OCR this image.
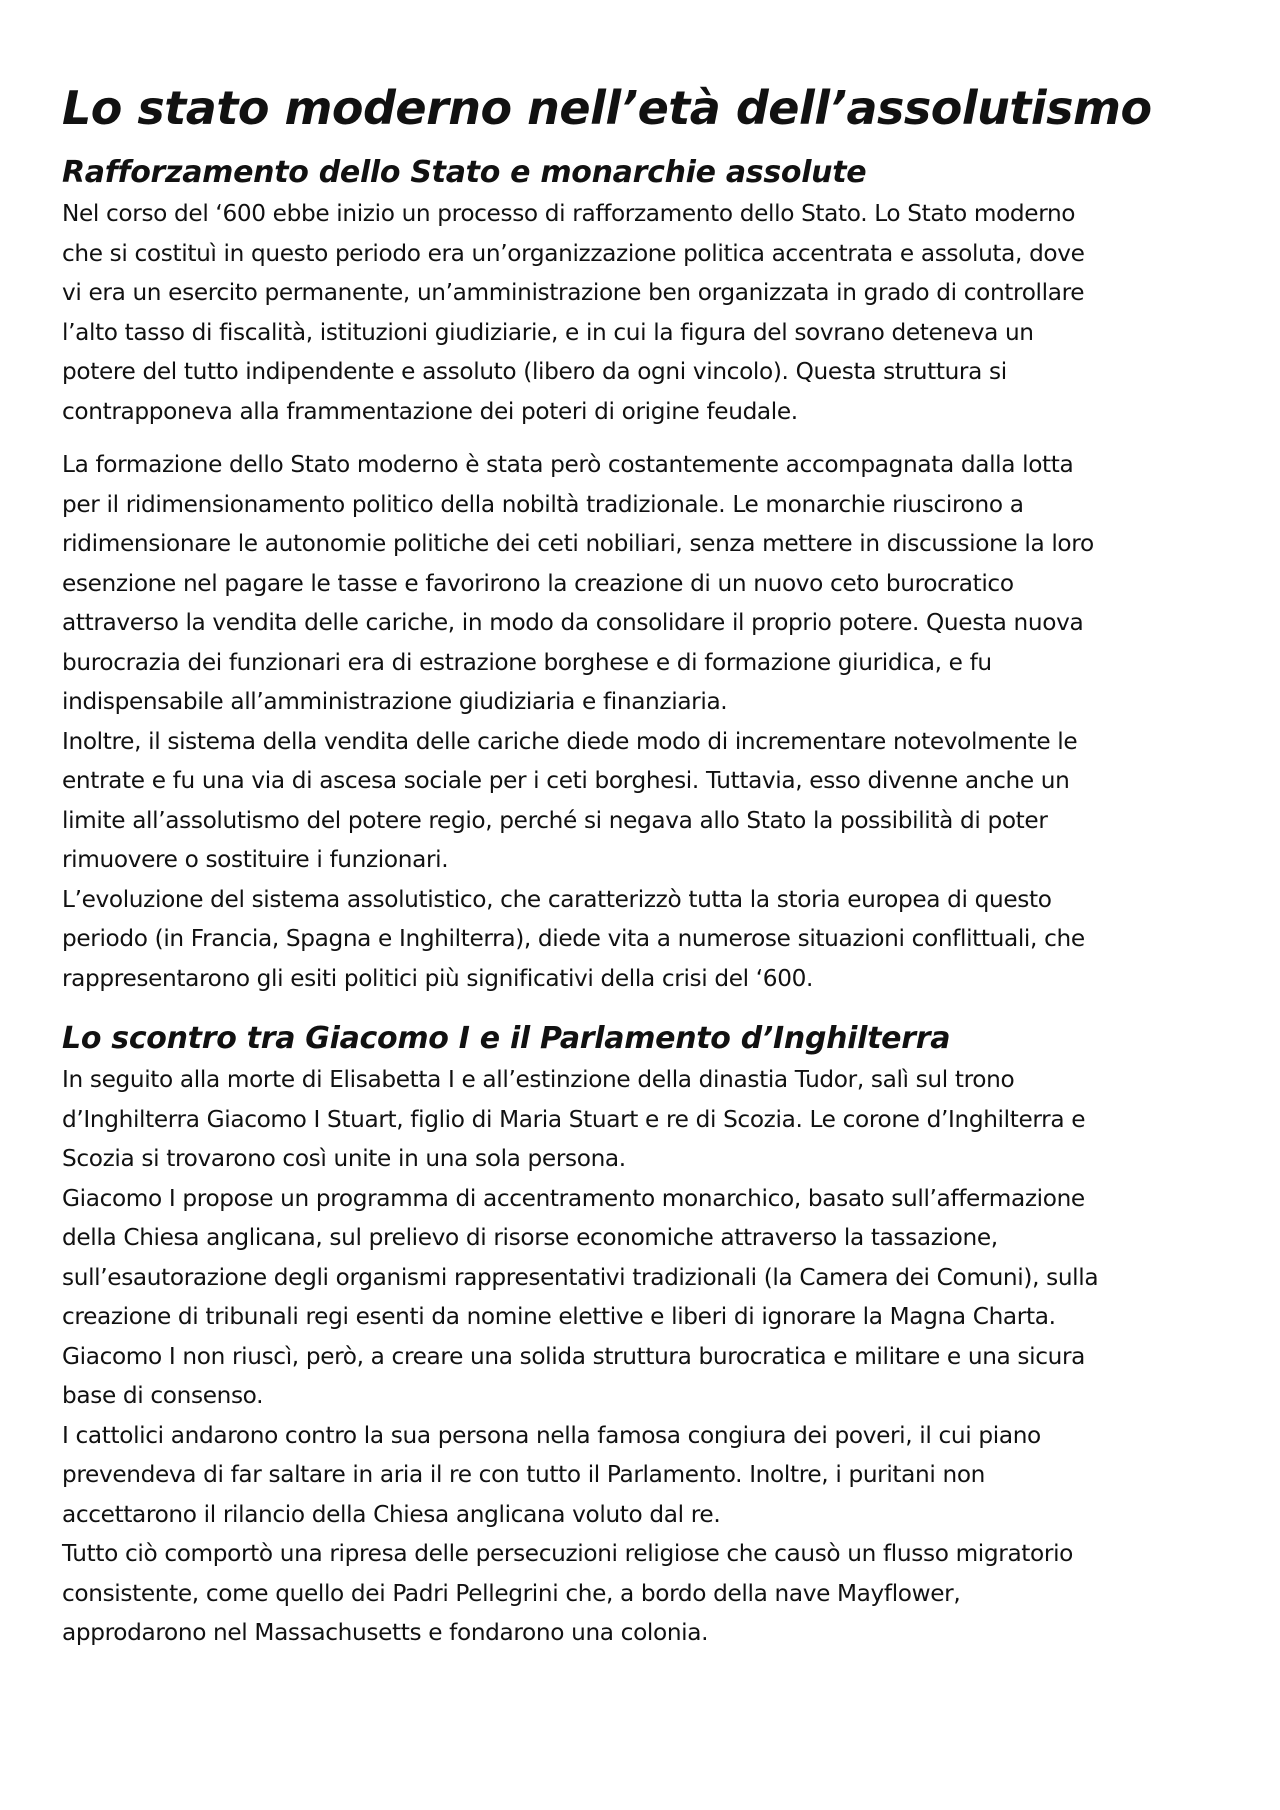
Lo stato moderno nell’età dell’assolutismo
Rafforzamento dello Stato e monarchie assolute
Nel corso del ‘600 ebbe inizio un processo di rafforzamento dello Stato. Lo Stato moderno
che si costituì in questo periodo era un’organizzazione politica accentrata e assoluta, dove
vi era un esercito permanente, un’amministrazione ben organizzata in grado di controllare
l’alto tasso di fiscalità, istituzioni giudiziarie, e in cui la figura del sovrano deteneva un
potere del tutto indipendente e assoluto (libero da ogni vincolo). Questa struttura si
contrapponeva alla frammentazione dei poteri di origine feudale.
La formazione dello Stato moderno è stata però costantemente accompagnata dalla lotta
per il ridimensionamento politico della nobiltà tradizionale. Le monarchie riuscirono a
ridimensionare le autonomie politiche dei ceti nobiliari, senza mettere in discussione la loro
esenzione nel pagare le tasse e favorirono la creazione di un nuovo ceto burocratico
attraverso la vendita delle cariche, in modo da consolidare il proprio potere. Questa nuova
burocrazia dei funzionari era di estrazione borghese e di formazione giuridica, e fu
indispensabile all’amministrazione giudiziaria e finanziaria.
Inoltre, il sistema della vendita delle cariche diede modo di incrementare notevolmente le
entrate e fu una via di ascesa sociale per i ceti borghesi. Tuttavia, esso divenne anche un
limite all’assolutismo del potere regio, perché si negava allo Stato la possibilità di poter
rimuovere o sostituire i funzionari.
L’evoluzione del sistema assolutistico, che caratterizzò tutta la storia europea di questo
periodo (in Francia, Spagna e Inghilterra), diede vita a numerose situazioni conflittuali, che
rappresentarono gli esiti politici più significativi della crisi del ‘600.
Lo scontro tra Giacomo I e il Parlamento d’Inghilterra
In seguito alla morte di Elisabetta I e all’estinzione della dinastia Tudor, salì sul trono
d’Inghilterra Giacomo I Stuart, figlio di Maria Stuart e re di Scozia. Le corone d’Inghilterra e
Scozia si trovarono così unite in una sola persona.
Giacomo I propose un programma di accentramento monarchico, basato sull’affermazione
della Chiesa anglicana, sul prelievo di risorse economiche attraverso la tassazione,
sull’esautorazione degli organismi rappresentativi tradizionali (la Camera dei Comuni), sulla
creazione di tribunali regi esenti da nomine elettive e liberi di ignorare la Magna Charta.
Giacomo I non riuscì, però, a creare una solida struttura burocratica e militare e una sicura
base di consenso.
I cattolici andarono contro la sua persona nella famosa congiura dei poveri, il cui piano
prevendeva di far saltare in aria il re con tutto il Parlamento. Inoltre, i puritani non
accettarono il rilancio della Chiesa anglicana voluto dal re.
Tutto ciò comportò una ripresa delle persecuzioni religiose che causò un flusso migratorio
consistente, come quello dei Padri Pellegrini che, a bordo della nave Mayflower,
approdarono nel Massachusetts e fondarono una colonia.
